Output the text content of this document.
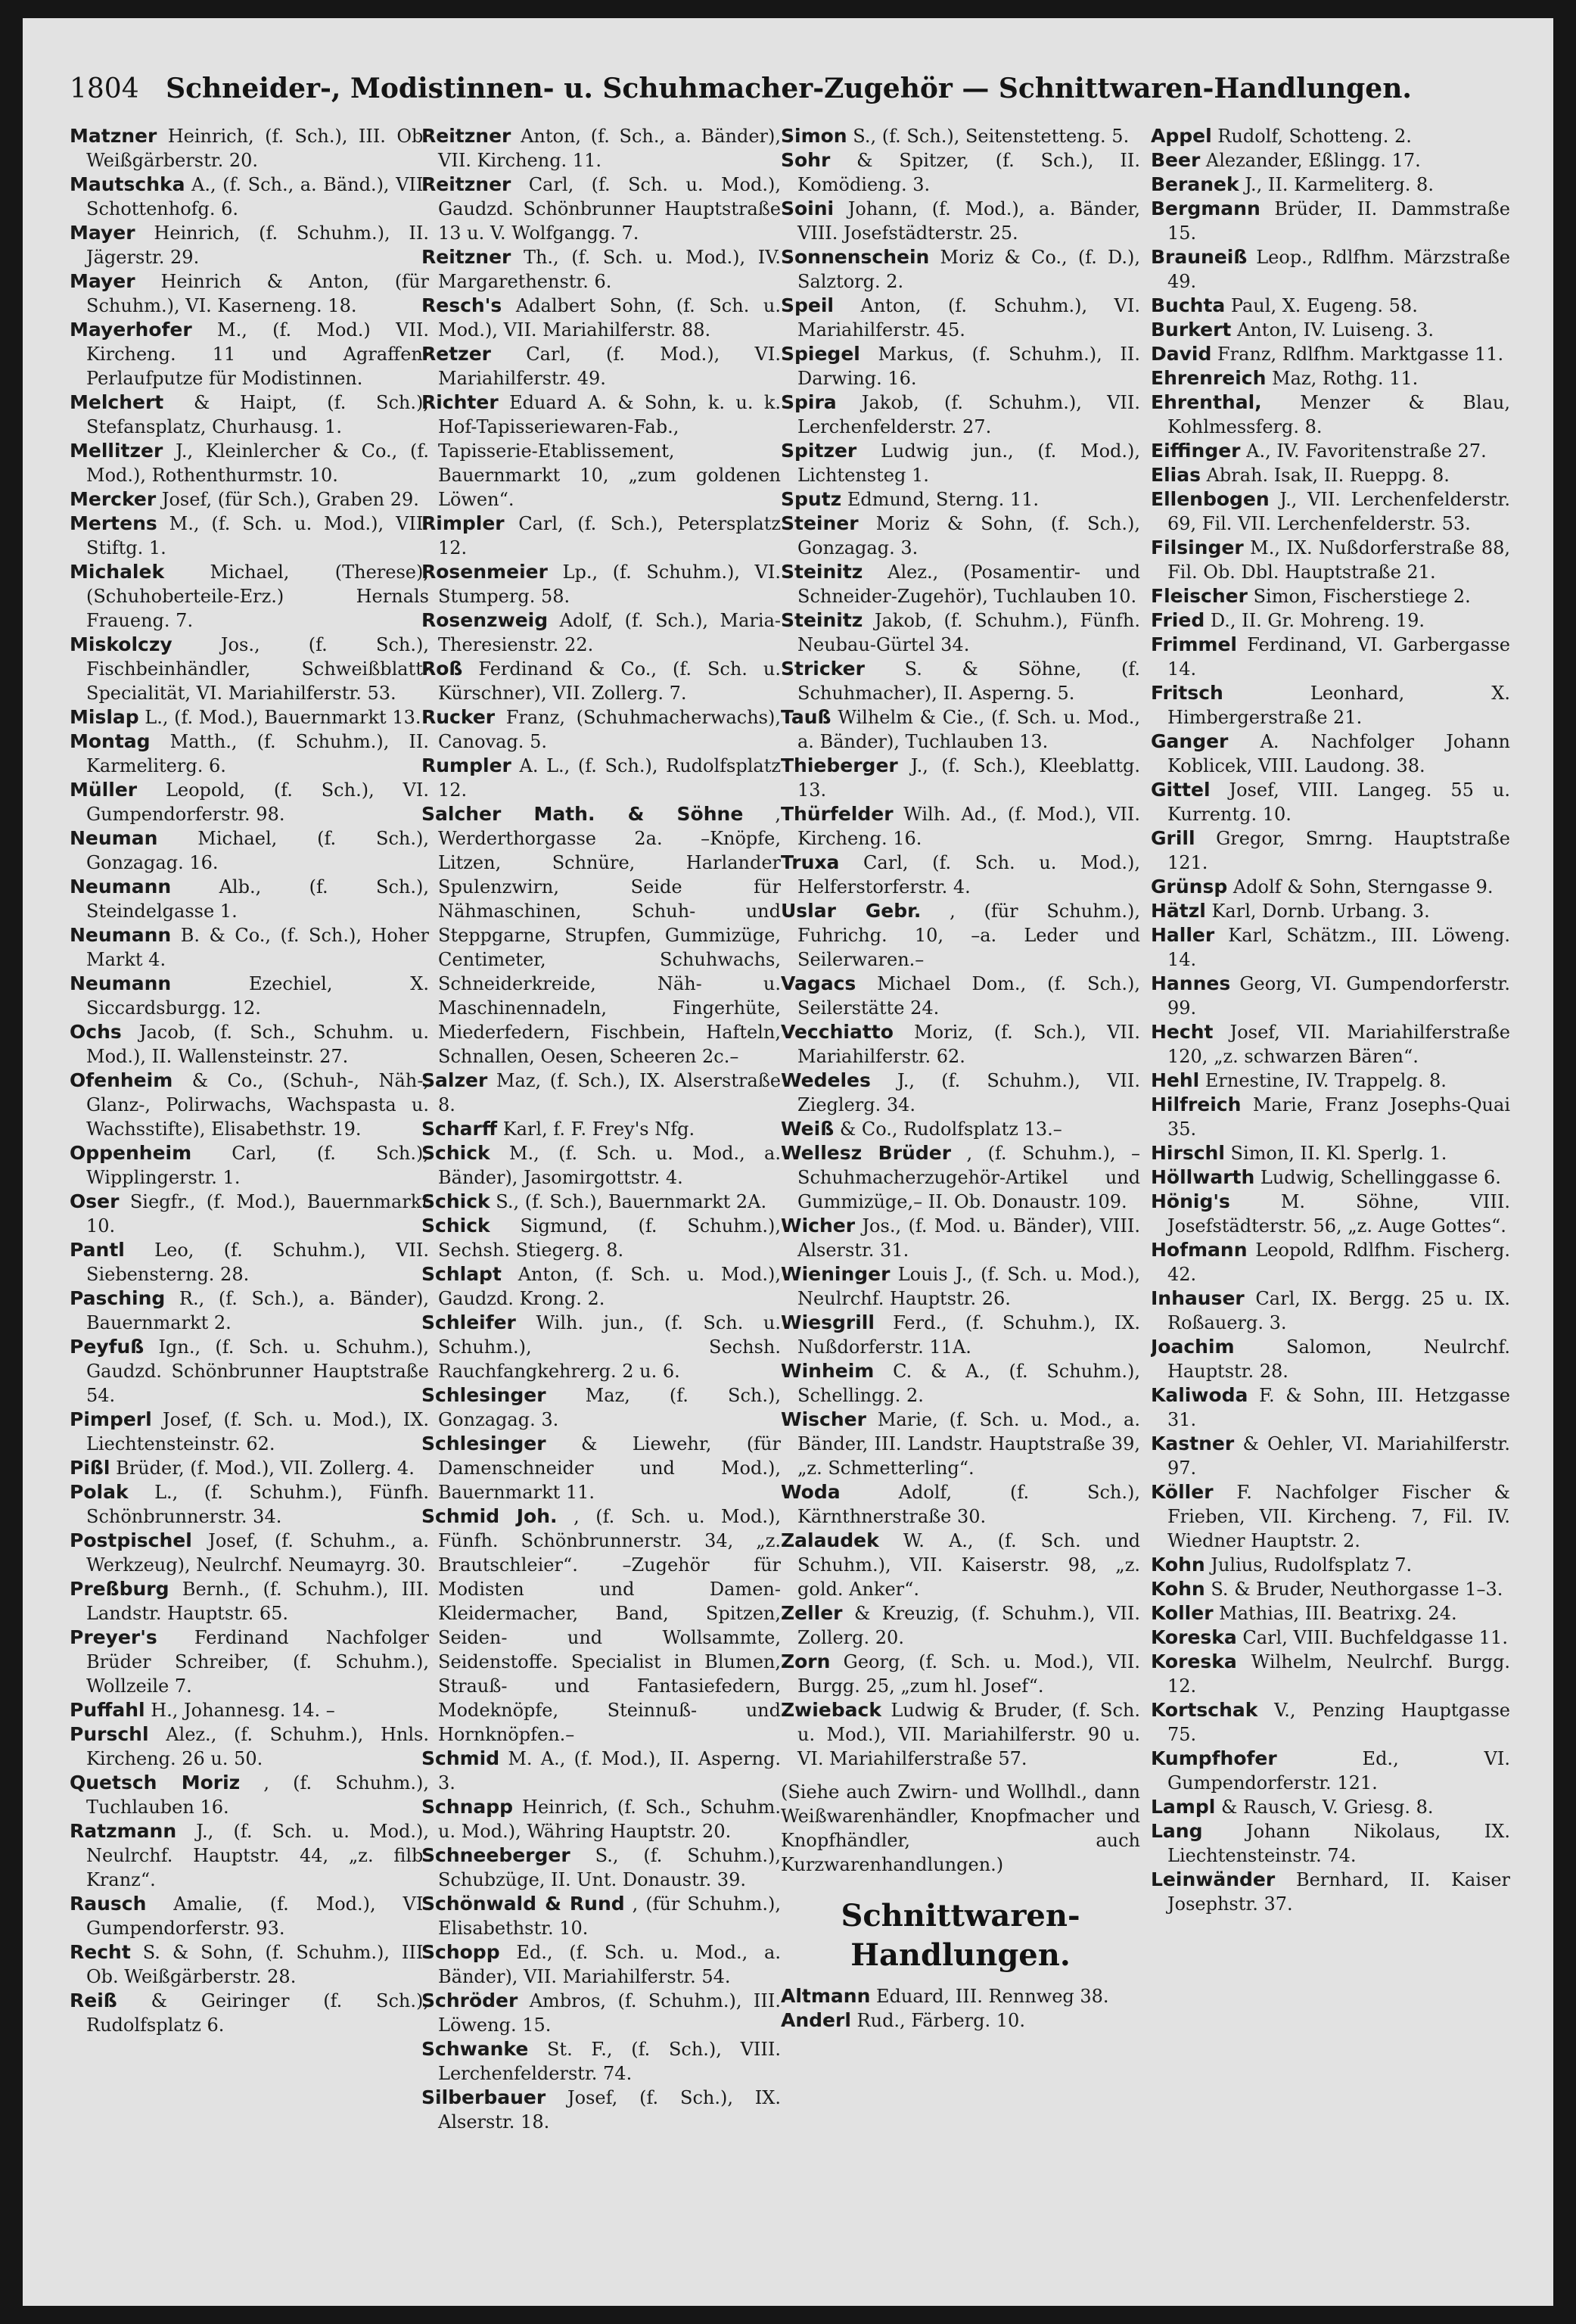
1804 Schneider-, Modistinnen- u. Schuhmacher-Zugehör — Schnittwaren-Handlungen.

Matzner Heinrich, (f. Sch.), III. Ob. Weißgärberstr. 20.

Mautschka A., (f. Sch., a. Bänd.), VII. Schottenhofg. 6.

Mayer Heinrich, (f. Schuhm.), II. Jägerstr. 29.

Mayer Heinrich & Anton, (für Schuhm.), VI. Kaserneng. 18.

Mayerhofer M., (f. Mod.) VII. Kircheng. 11 und Agraffen-Perlaufputze für Modistinnen.

Melchert & Haipt, (f. Sch.), Stefansplatz, Churhausg. 1.

Mellitzer J., Kleinlercher & Co., (f. Mod.), Rothenthurmstr. 10.

Mercker Josef, (für Sch.), Graben 29.

Mertens M., (f. Sch. u. Mod.), VII. Stiftg. 1.

Michalek Michael, (Therese), (Schuhoberteile-Erz.) Hernals Fraueng. 7.

Miskolczy Jos., (f. Sch.), Fischbeinhändler, Schweißblatt-Specialität, VI. Mariahilferstr. 53.

Mislap L., (f. Mod.), Bauernmarkt 13.

Montag Matth., (f. Schuhm.), II. Karmeliterg. 6.

Müller Leopold, (f. Sch.), VI. Gumpendorferstr. 98.

Neuman Michael, (f. Sch.), Gonzagag. 16.

Neumann Alb., (f. Sch.), Steindelgasse 1.

Neumann B. & Co., (f. Sch.), Hoher Markt 4.

Neumann Ezechiel, X. Siccardsburgg. 12.

Ochs Jacob, (f. Sch., Schuhm. u. Mod.), II. Wallensteinstr. 27.

Ofenheim & Co., (Schuh-, Näh-, Glanz-, Polirwachs, Wachspasta u. Wachsstifte), Elisabethstr. 19.

Oppenheim Carl, (f. Sch.), Wipplingerstr. 1.

Oser Siegfr., (f. Mod.), Bauernmarkt 10.

Pantl Leo, (f. Schuhm.), VII. Siebensterng. 28.

Pasching R., (f. Sch.), a. Bänder), Bauernmarkt 2.

Peyfuß Ign., (f. Sch. u. Schuhm.), Gaudzd. Schönbrunner Hauptstraße 54.

Pimperl Josef, (f. Sch. u. Mod.), IX. Liechtensteinstr. 62.

Pißl Brüder, (f. Mod.), VII. Zollerg. 4.

Polak L., (f. Schuhm.), Fünfh. Schönbrunnerstr. 34.

Postpischel Josef, (f. Schuhm., a. Werkzeug), Neulrchf. Neumayrg. 30.

Preßburg Bernh., (f. Schuhm.), III. Landstr. Hauptstr. 65.

Preyer's Ferdinand Nachfolger Brüder Schreiber, (f. Schuhm.), Wollzeile 7.

Puffahl H., Johannesg. 14. –

Purschl Alez., (f. Schuhm.), Hnls. Kircheng. 26 u. 50.

Quetsch Moriz , (f. Schuhm.), Tuchlauben 16.

Ratzmann J., (f. Sch. u. Mod.), Neulrchf. Hauptstr. 44, „z. filb. Kranz“.

Rausch Amalie, (f. Mod.), VI. Gumpendorferstr. 93.

Recht S. & Sohn, (f. Schuhm.), III. Ob. Weißgärberstr. 28.

Reiß & Geiringer (f. Sch.), Rudolfsplatz 6.

Reitzner Anton, (f. Sch., a. Bänder), VII. Kircheng. 11.

Reitzner Carl, (f. Sch. u. Mod.), Gaudzd. Schönbrunner Hauptstraße 13 u. V. Wolfgangg. 7.

Reitzner Th., (f. Sch. u. Mod.), IV. Margarethenstr. 6.

Resch's Adalbert Sohn, (f. Sch. u. Mod.), VII. Mariahilferstr. 88.

Retzer Carl, (f. Mod.), VI. Mariahilferstr. 49.

Richter Eduard A. & Sohn, k. u. k. Hof-Tapisseriewaren-Fab., Tapisserie-Etablissement, Bauernmarkt 10, „zum goldenen Löwen“.

Rimpler Carl, (f. Sch.), Petersplatz 12.

Rosenmeier Lp., (f. Schuhm.), VI. Stumperg. 58.

Rosenzweig Adolf, (f. Sch.), Maria-Theresienstr. 22.

Roß Ferdinand & Co., (f. Sch. u. Kürschner), VII. Zollerg. 7.

Rucker Franz, (Schuhmacherwachs), Canovag. 5.

Rumpler A. L., (f. Sch.), Rudolfsplatz 12.

Salcher Math. & Söhne , Werderthorgasse 2a. –Knöpfe, Litzen, Schnüre, Harlander Spulenzwirn, Seide für Nähmaschinen, Schuh- und Steppgarne, Strupfen, Gummizüge, Centimeter, Schuhwachs, Schneiderkreide, Näh- u. Maschinennadeln, Fingerhüte, Miederfedern, Fischbein, Hafteln, Schnallen, Oesen, Scheeren 2c.–

Salzer Maz, (f. Sch.), IX. Alserstraße 8.

Scharff Karl, f. F. Frey's Nfg.

Schick M., (f. Sch. u. Mod., a. Bänder), Jasomirgottstr. 4.

Schick S., (f. Sch.), Bauernmarkt 2A.

Schick Sigmund, (f. Schuhm.), Sechsh. Stiegerg. 8.

Schlapt Anton, (f. Sch. u. Mod.), Gaudzd. Krong. 2.

Schleifer Wilh. jun., (f. Sch. u. Schuhm.), Sechsh. Rauchfangkehrerg. 2 u. 6.

Schlesinger Maz, (f. Sch.), Gonzagag. 3.

Schlesinger & Liewehr, (für Damenschneider und Mod.), Bauernmarkt 11.

Schmid Joh. , (f. Sch. u. Mod.), Fünfh. Schönbrunnerstr. 34, „z. Brautschleier“. –Zugehör für Modisten und Damen-Kleidermacher, Band, Spitzen, Seiden- und Wollsammte, Seidenstoffe. Specialist in Blumen, Strauß- und Fantasiefedern, Modeknöpfe, Steinnuß- und Hornknöpfen.–

Schmid M. A., (f. Mod.), II. Asperng. 3.

Schnapp Heinrich, (f. Sch., Schuhm. u. Mod.), Währing Hauptstr. 20.

Schneeberger S., (f. Schuhm.), Schubzüge, II. Unt. Donaustr. 39.

Schönwald & Rund , (für Schuhm.), Elisabethstr. 10.

Schopp Ed., (f. Sch. u. Mod., a. Bänder), VII. Mariahilferstr. 54.

Schröder Ambros, (f. Schuhm.), III. Löweng. 15.

Schwanke St. F., (f. Sch.), VIII. Lerchenfelderstr. 74.

Silberbauer Josef, (f. Sch.), IX. Alserstr. 18.

Simon S., (f. Sch.), Seitenstetteng. 5.

Sohr & Spitzer, (f. Sch.), II. Komödieng. 3.

Soini Johann, (f. Mod.), a. Bänder, VIII. Josefstädterstr. 25.

Sonnenschein Moriz & Co., (f. D.), Salztorg. 2.

Speil Anton, (f. Schuhm.), VI. Mariahilferstr. 45.

Spiegel Markus, (f. Schuhm.), II. Darwing. 16.

Spira Jakob, (f. Schuhm.), VII. Lerchenfelderstr. 27.

Spitzer Ludwig jun., (f. Mod.), Lichtensteg 1.

Sputz Edmund, Sterng. 11.

Steiner Moriz & Sohn, (f. Sch.), Gonzagag. 3.

Steinitz Alez., (Posamentir- und Schneider-Zugehör), Tuchlauben 10.

Steinitz Jakob, (f. Schuhm.), Fünfh. Neubau-Gürtel 34.

Stricker S. & Söhne, (f. Schuhmacher), II. Asperng. 5.

Tauß Wilhelm & Cie., (f. Sch. u. Mod., a. Bänder), Tuchlauben 13.

Thieberger J., (f. Sch.), Kleeblattg. 13.

Thürfelder Wilh. Ad., (f. Mod.), VII. Kircheng. 16.

Truxa Carl, (f. Sch. u. Mod.), Helferstorferstr. 4.

Uslar Gebr. , (für Schuhm.), Fuhrichg. 10, –a. Leder und Seilerwaren.–

Vagacs Michael Dom., (f. Sch.), Seilerstätte 24.

Vecchiatto Moriz, (f. Sch.), VII. Mariahilferstr. 62.

Wedeles J., (f. Schuhm.), VII. Zieglerg. 34.

Weiß & Co., Rudolfsplatz 13.–

Wellesz Brüder , (f. Schuhm.), –Schuhmacherzugehör-Artikel und Gummizüge,– II. Ob. Donaustr. 109.

Wicher Jos., (f. Mod. u. Bänder), VIII. Alserstr. 31.

Wieninger Louis J., (f. Sch. u. Mod.), Neulrchf. Hauptstr. 26.

Wiesgrill Ferd., (f. Schuhm.), IX. Nußdorferstr. 11A.

Winheim C. & A., (f. Schuhm.), Schellingg. 2.

Wischer Marie, (f. Sch. u. Mod., a. Bänder, III. Landstr. Hauptstraße 39, „z. Schmetterling“.

Woda Adolf, (f. Sch.), Kärnthnerstraße 30.

Zalaudek W. A., (f. Sch. und Schuhm.), VII. Kaiserstr. 98, „z. gold. Anker“.

Zeller & Kreuzig, (f. Schuhm.), VII. Zollerg. 20.

Zorn Georg, (f. Sch. u. Mod.), VII. Burgg. 25, „zum hl. Josef“.

Zwieback Ludwig & Bruder, (f. Sch. u. Mod.), VII. Mariahilferstr. 90 u. VI. Mariahilferstraße 57.

(Siehe auch Zwirn- und Wollhdl., dann Weißwarenhändler, Knopfmacher und Knopfhändler, auch Kurzwarenhandlungen.)

Schnittwaren-Handlungen.

Altmann Eduard, III. Rennweg 38.

Anderl Rud., Färberg. 10.

Appel Rudolf, Schotteng. 2.

Beer Alezander, Eßlingg. 17.

Beranek J., II. Karmeliterg. 8.

Bergmann Brüder, II. Dammstraße 15.

Brauneiß Leop., Rdlfhm. Märzstraße 49.

Buchta Paul, X. Eugeng. 58.

Burkert Anton, IV. Luiseng. 3.

David Franz, Rdlfhm. Marktgasse 11.

Ehrenreich Maz, Rothg. 11.

Ehrenthal, Menzer & Blau, Kohlmessferg. 8.

Eiffinger A., IV. Favoritenstraße 27.

Elias Abrah. Isak, II. Rueppg. 8.

Ellenbogen J., VII. Lerchenfelderstr. 69, Fil. VII. Lerchenfelderstr. 53.

Filsinger M., IX. Nußdorferstraße 88, Fil. Ob. Dbl. Hauptstraße 21.

Fleischer Simon, Fischerstiege 2.

Fried D., II. Gr. Mohreng. 19.

Frimmel Ferdinand, VI. Garbergasse 14.

Fritsch Leonhard, X. Himbergerstraße 21.

Ganger A. Nachfolger Johann Koblicek, VIII. Laudong. 38.

Gittel Josef, VIII. Langeg. 55 u. Kurrentg. 10.

Grill Gregor, Smrng. Hauptstraße 121.

Grünsp Adolf & Sohn, Sterngasse 9.

Hätzl Karl, Dornb. Urbang. 3.

Haller Karl, Schätzm., III. Löweng. 14.

Hannes Georg, VI. Gumpendorferstr. 99.

Hecht Josef, VII. Mariahilferstraße 120, „z. schwarzen Bären“.

Hehl Ernestine, IV. Trappelg. 8.

Hilfreich Marie, Franz Josephs-Quai 35.

Hirschl Simon, II. Kl. Sperlg. 1.

Höllwarth Ludwig, Schellinggasse 6.

Hönig's M. Söhne, VIII. Josefstädterstr. 56, „z. Auge Gottes“.

Hofmann Leopold, Rdlfhm. Fischerg. 42.

Inhauser Carl, IX. Bergg. 25 u. IX. Roßauerg. 3.

Joachim Salomon, Neulrchf. Hauptstr. 28.

Kaliwoda F. & Sohn, III. Hetzgasse 31.

Kastner & Oehler, VI. Mariahilferstr. 97.

Köller F. Nachfolger Fischer & Frieben, VII. Kircheng. 7, Fil. IV. Wiedner Hauptstr. 2.

Kohn Julius, Rudolfsplatz 7.

Kohn S. & Bruder, Neuthorgasse 1–3.

Koller Mathias, III. Beatrixg. 24.

Koreska Carl, VIII. Buchfeldgasse 11.

Koreska Wilhelm, Neulrchf. Burgg. 12.

Kortschak V., Penzing Hauptgasse 75.

Kumpfhofer Ed., VI. Gumpendorferstr. 121.

Lampl & Rausch, V. Griesg. 8.

Lang Johann Nikolaus, IX. Liechtensteinstr. 74.

Leinwänder Bernhard, II. Kaiser Josephstr. 37.
